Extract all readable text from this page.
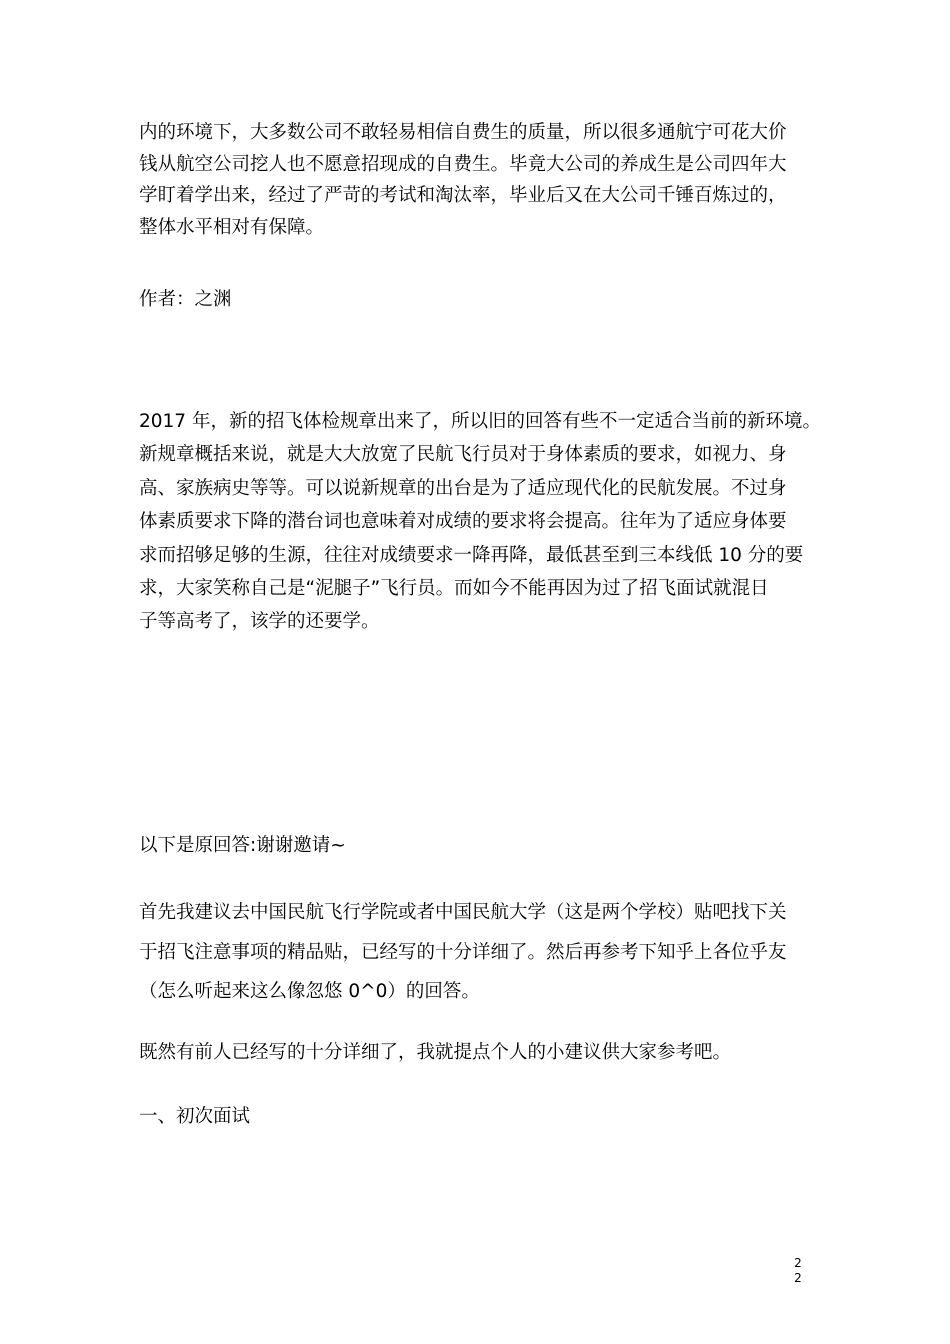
内的环境下，大多数公司不敢轻易相信自费生的质量，所以很多通航宁可花大价
钱从航空公司挖人也不愿意招现成的自费生。毕竟大公司的养成生是公司四年大
学盯着学出来，经过了严苛的考试和淘汰率，毕业后又在大公司千锤百炼过的，
整体水平相对有保障。
作者：之渊
2017 年，新的招飞体检规章出来了，所以旧的回答有些不一定适合当前的新环境。
新规章概括来说，就是大大放宽了民航飞行员对于身体素质的要求，如视力、身
高、家族病史等等。可以说新规章的出台是为了适应现代化的民航发展。不过身
体素质要求下降的潜台词也意味着对成绩的要求将会提高。往年为了适应身体要
求而招够足够的生源，往往对成绩要求一降再降，最低甚至到三本线低 10 分的要
求，大家笑称自己是“泥腿子”飞行员。而如今不能再因为过了招飞面试就混日
子等高考了，该学的还要学。
以下是原回答:谢谢邀请~
首先我建议去中国民航飞行学院或者中国民航大学（这是两个学校）贴吧找下关
于招飞注意事项的精品贴，已经写的十分详细了。然后再参考下知乎上各位乎友
（怎么听起来这么像忽悠 0^0）的回答。
既然有前人已经写的十分详细了，我就提点个人的小建议供大家参考吧。
一、初次面试
22
